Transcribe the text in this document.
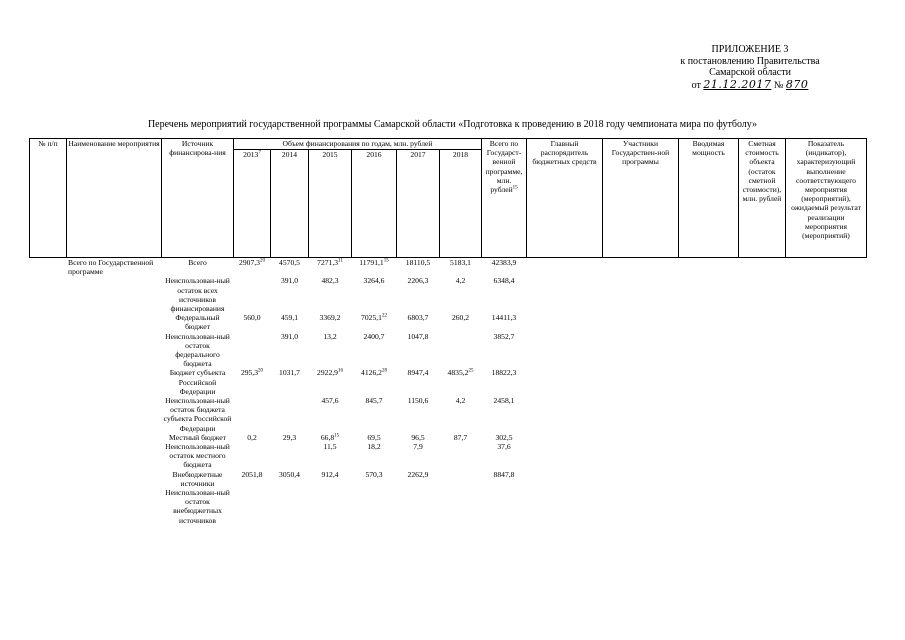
ПРИЛОЖЕНИЕ 3
к постановлению Правительства
Самарской области
от 21.12.2017 № 870
Перечень мероприятий государственной программы Самарской области «Подготовка к проведению в 2018 году чемпионата мира по футболу»
№ п/п	Наименование мероприятия	Источник финансирова-ния	Объем финансирования по годам, млн. рублей						Всего по Государст-венной программе, млн. рублей$^{15}$	Главный распорядитель бюджетных средств	Участники Государствен-ной программы	Вводимая мощность	Сметная стоимость объекта (остаток сметной стоимости), млн. рублей	Показатель (индикатор), характеризующий выполнение соответствующего мероприятия (мероприятий), ожидаемый результат реализации мероприятия (мероприятий)
			2013$^7$	2014	2015	2016	2017	2018						
	Всего по Государственной программе	Всего	2907,3$^{20}$	4570,5	7271,3$^{11}$	11791,1$^{15}$	18110,5	5183,1	42383,9					
		Неиспользован-ный остаток всех источников финансирования		391,0	482,3	3264,6	2206,3	4,2	6348,4					
		Федеральный бюджет	560,0	459,1	3369,2	7025,1$^{22}$	6803,7	260,2	14411,3					
		Неиспользован-ный остаток федерального бюджета		391,0	13,2	2400,7	1047,8		3852,7					
		Бюджет субъекта Российской Федерации	295,3$^{20}$	1031,7	2922,9$^{16}$	4126,2$^{28}$	8947,4	4835,2$^{25}$	18822,3					
		Неиспользован-ный остаток бюджета субъекта Российской Федерации			457,6	845,7	1150,6	4,2	2458,1					
		Местный бюджет	0,2	29,3	66,8$^{15}$	69,5	96,5	87,7	302,5					
		Неиспользован-ный остаток местного бюджета			11,5	18,2	7,9		37,6					
		Внебюджетные источники	2051,8	3050,4	912,4	570,3	2262,9		8847,8					
		Неиспользован-ный остаток внебюджетных источников												
